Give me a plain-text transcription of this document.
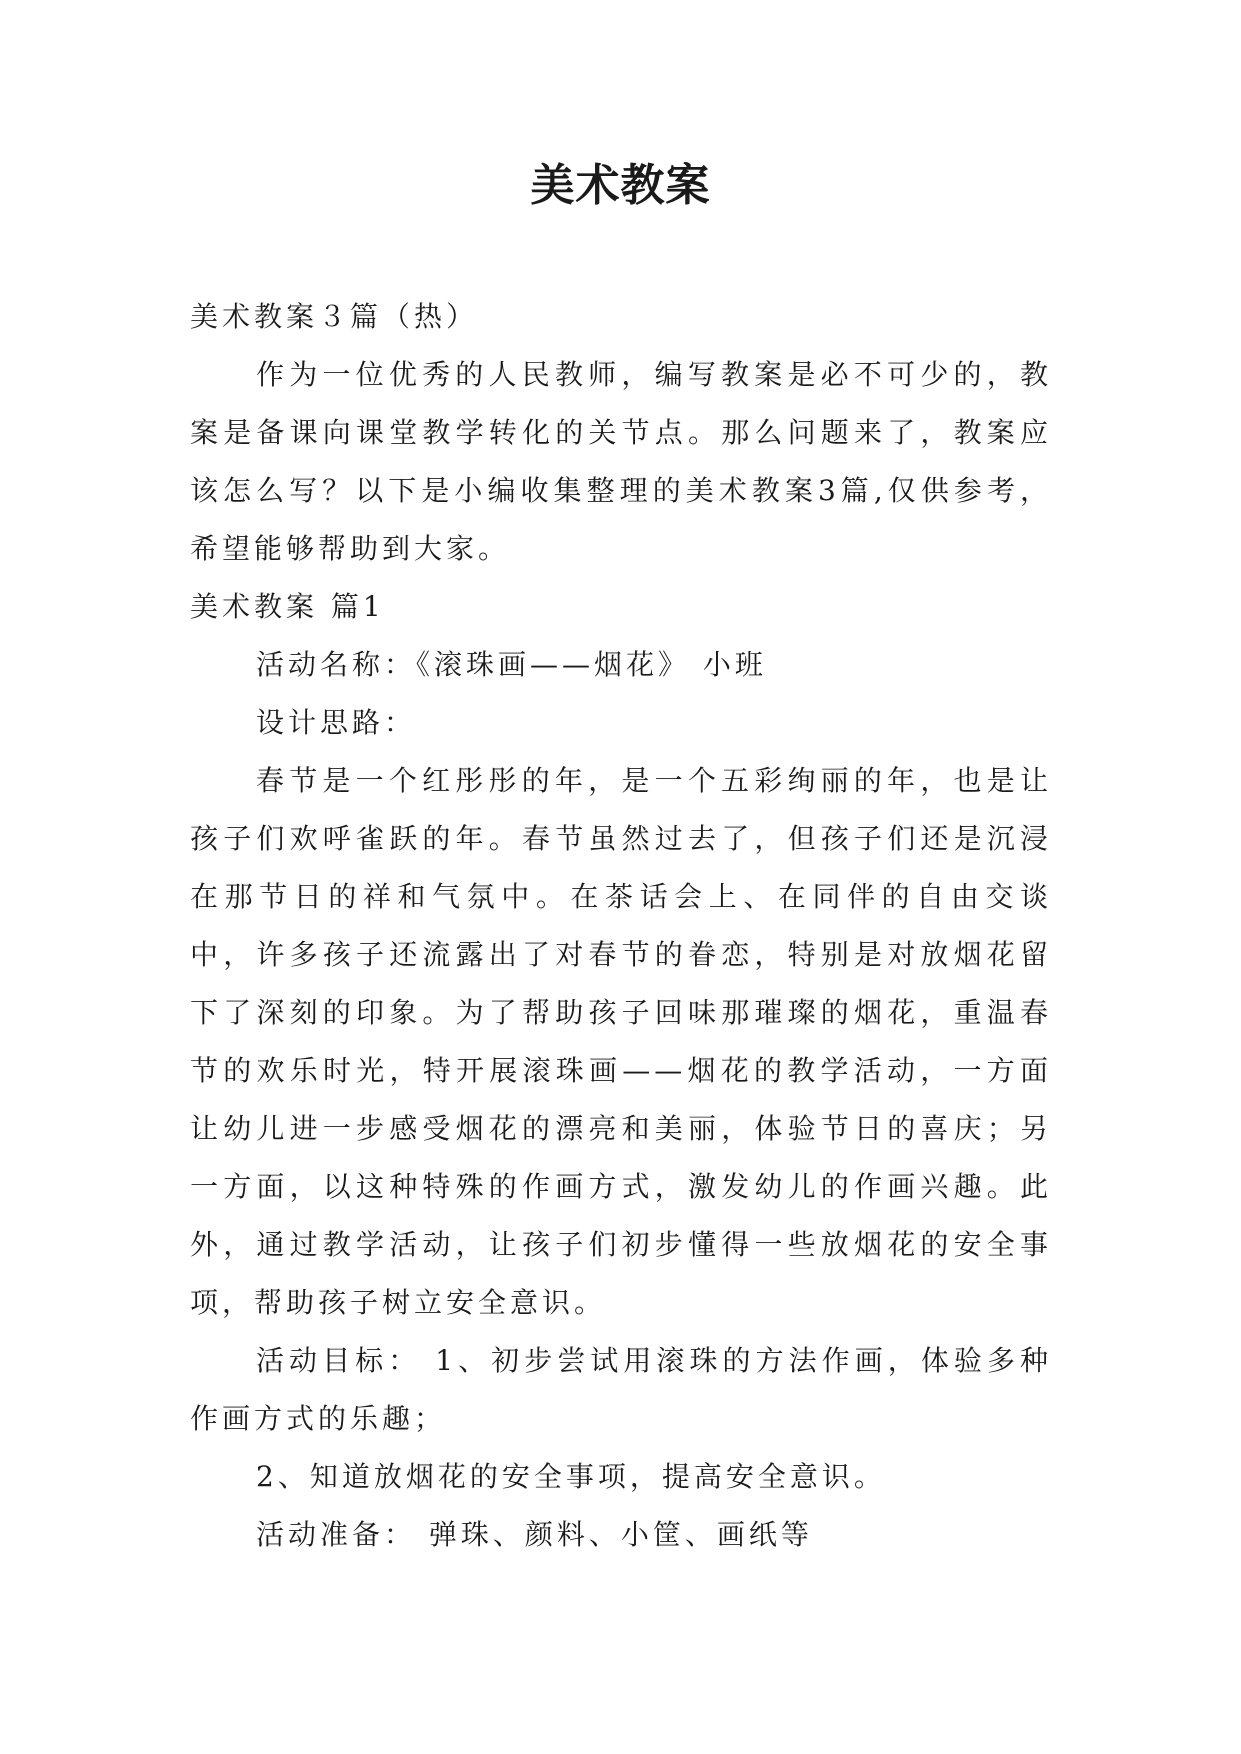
美术教案

美术教案３篇（热）

作为一位优秀的人民教师，编写教案是必不可少的，教案是备课向课堂教学转化的关节点。那么问题来了，教案应该怎么写？以下是小编收集整理的美术教案3篇,仅供参考，希望能够帮助到大家。

美术教案 篇1

活动名称：《滚珠画——烟花》 小班

设计思路：

春节是一个红彤彤的年，是一个五彩绚丽的年，也是让孩子们欢呼雀跃的年。春节虽然过去了，但孩子们还是沉浸在那节日的祥和气氛中。在茶话会上、在同伴的自由交谈中，许多孩子还流露出了对春节的眷恋，特别是对放烟花留下了深刻的印象。为了帮助孩子回味那璀璨的烟花，重温春节的欢乐时光，特开展滚珠画——烟花的教学活动，一方面让幼儿进一步感受烟花的漂亮和美丽，体验节日的喜庆；另一方面，以这种特殊的作画方式，激发幼儿的作画兴趣。此外，通过教学活动，让孩子们初步懂得一些放烟花的安全事项，帮助孩子树立安全意识。

活动目标： 1、初步尝试用滚珠的方法作画，体验多种作画方式的乐趣；

2、知道放烟花的安全事项，提高安全意识。

活动准备： 弹珠、颜料、小筐、画纸等
